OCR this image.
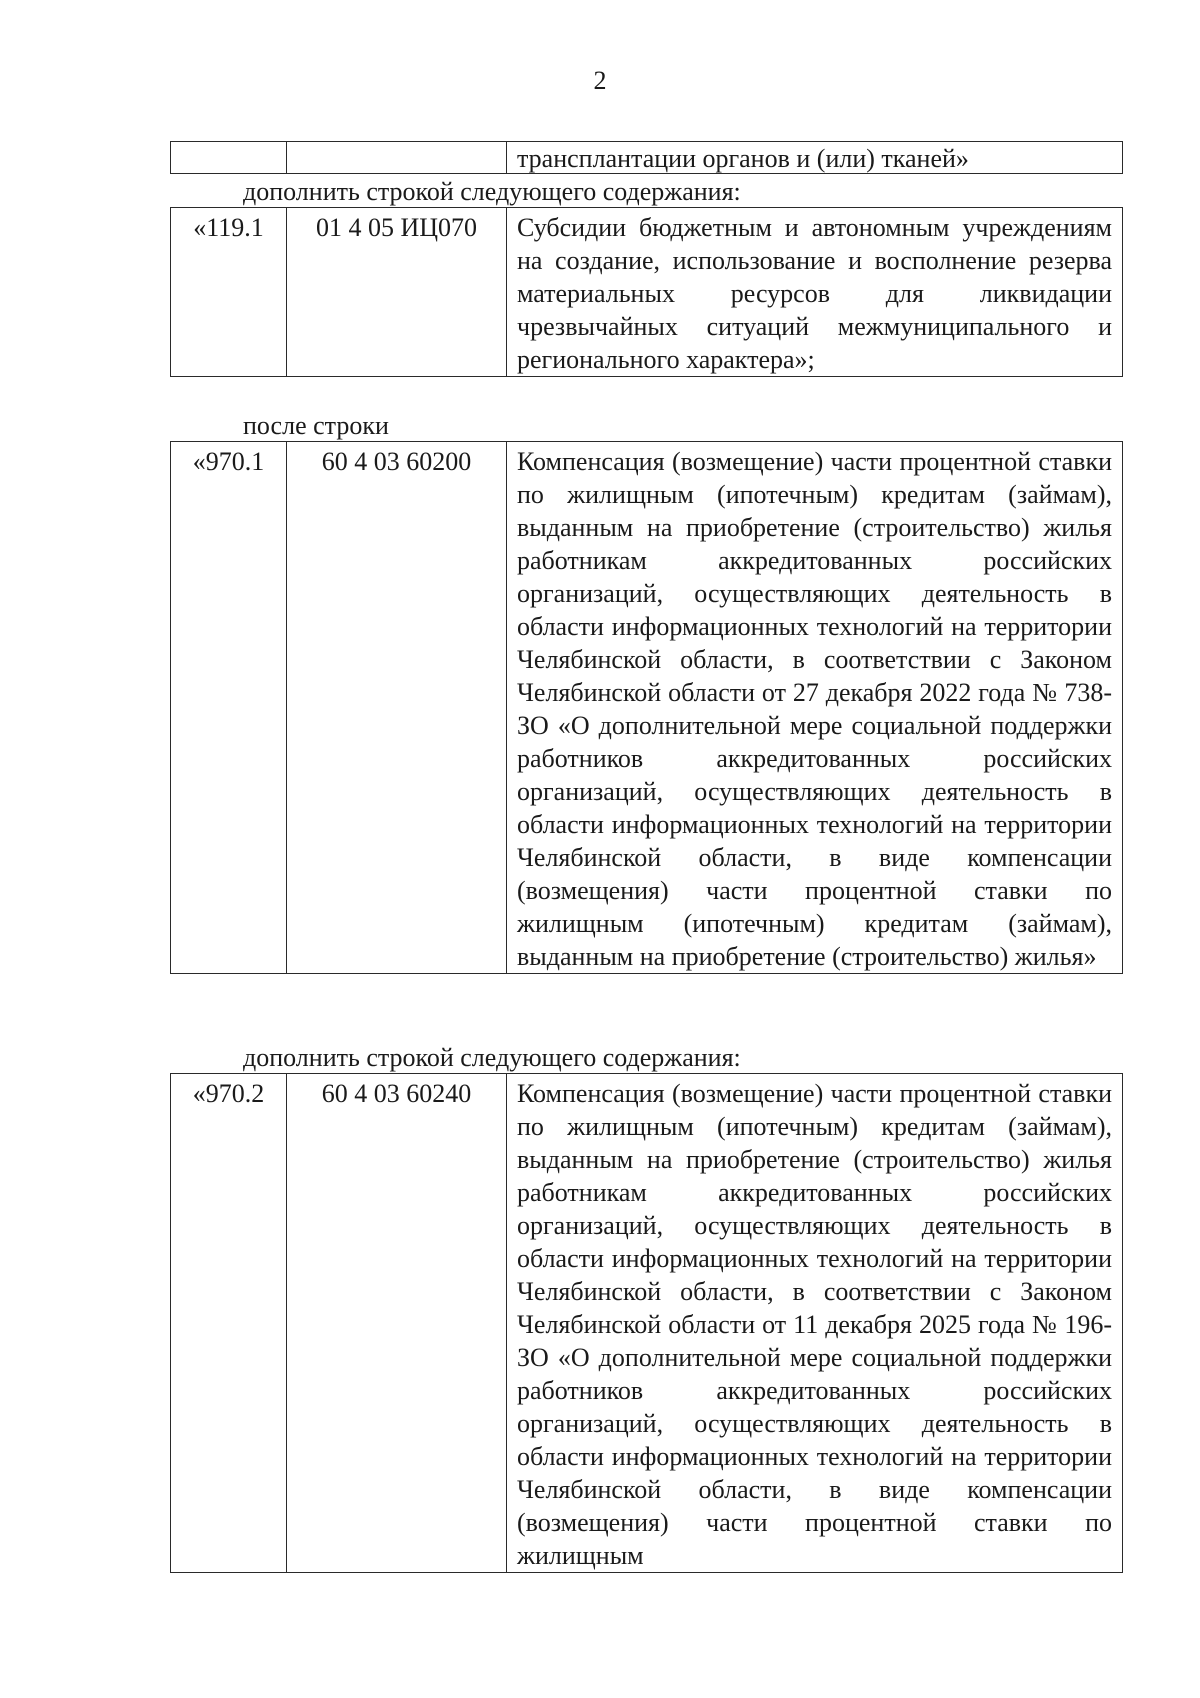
2
		трансплантации органов и (или) тканей»
дополнить строкой следующего содержания:
«119.1	01 4 05 ИЦ070	Субсидии бюджетным и автономным учреждениям на создание, использование и восполнение резерва материальных ресурсов для ликвидации чрезвычайных ситуаций межмуниципального и регионального характера»;
после строки
«970.1	60 4 03 60200	Компенсация (возмещение) части процентной ставки по жилищным (ипотечным) кредитам (займам), выданным на приобретение (строительство) жилья работникам аккредитованных российских организаций, осуществляющих деятельность в области информационных технологий на территории Челябинской области, в соответствии с Законом Челябинской области от 27 декабря 2022 года № 738-ЗО «О дополнительной мере социальной поддержки работников аккредитованных российских организаций, осуществляющих деятельность в области информационных технологий на территории Челябинской области, в виде компенсации (возмещения) части процентной ставки по жилищным (ипотечным) кредитам (займам), выданным на приобретение (строительство) жилья»
дополнить строкой следующего содержания:
«970.2	60 4 03 60240	Компенсация (возмещение) части процентной ставки по жилищным (ипотечным) кредитам (займам), выданным на приобретение (строительство) жилья работникам аккредитованных российских организаций, осуществляющих деятельность в области информационных технологий на территории Челябинской области, в соответствии с Законом Челябинской области от 11 декабря 2025 года № 196-ЗО «О дополнительной мере социальной поддержки работников аккредитованных российских организаций, осуществляющих деятельность в области информационных технологий на территории Челябинской области, в виде компенсации (возмещения) части процентной ставки по жилищным
